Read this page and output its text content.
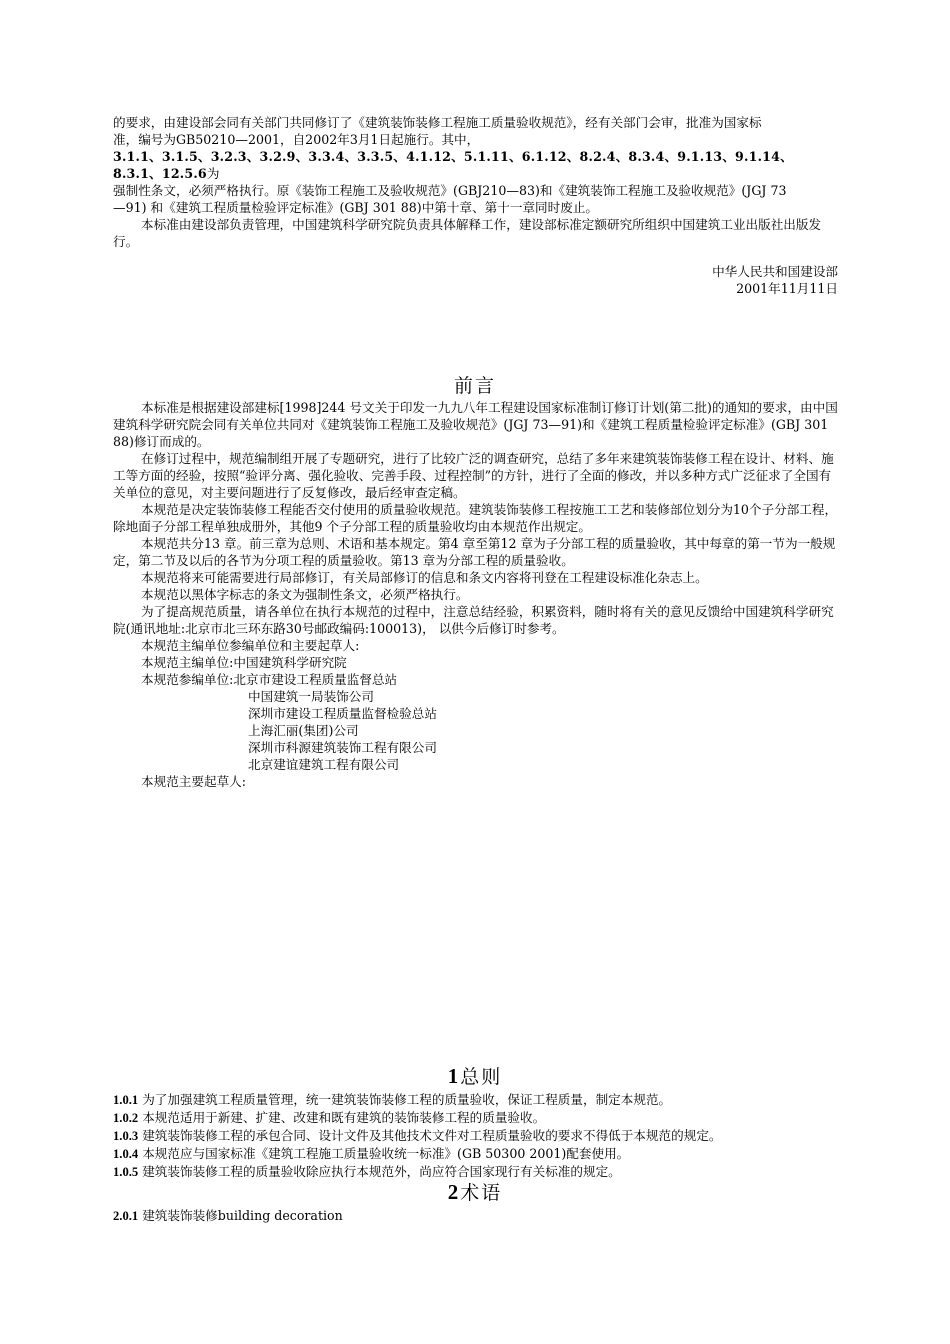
的要求，由建设部会同有关部门共同修订了《建筑装饰装修工程施工质量验收规范》，经有关部门会审，批准为国家标
准，编号为GB50210—2001，自2002年3月1日起施行。其中，
3.1.1、3.1.5、3.2.3、3.2.9、3.3.4、3.3.5、4.1.12、5.1.11、6.1.12、8.2.4、8.3.4、9.1.13、9.1.14、8.3.1、12.5.6为
强制性条文，必须严格执行。原《装饰工程施工及验收规范》(GBJ210—83)和《建筑装饰工程施工及验收规范》(JGJ 73
—91) 和《建筑工程质量检验评定标准》(GBJ 301 88)中第十章、第十一章同时废止。
本标准由建设部负责管理，中国建筑科学研究院负责具体解释工作，建设部标准定额研究所组织中国建筑工业出版社出版发行。
中华人民共和国建设部
2001年11月11日
前言
本标准是根据建设部建标[1998]244 号文关于印发一九九八年工程建设国家标准制订修订计划(第二批)的通知的要求，由中国建筑科学研究院会同有关单位共同对《建筑装饰工程施工及验收规范》(JGJ 73—91)和《建筑工程质量检验评定标准》(GBJ 301 88)修订而成的。
在修订过程中，规范编制组开展了专题研究，进行了比较广泛的调查研究，总结了多年来建筑装饰装修工程在设计、材料、施工等方面的经验，按照“验评分离、强化验收、完善手段、过程控制”的方针，进行了全面的修改，并以多种方式广泛征求了全国有关单位的意见，对主要问题进行了反复修改，最后经审查定稿。
本规范是决定装饰装修工程能否交付使用的质量验收规范。建筑装饰装修工程按施工工艺和装修部位划分为10个子分部工程，除地面子分部工程单独成册外，其他9 个子分部工程的质量验收均由本规范作出规定。
本规范共分13 章。前三章为总则、术语和基本规定。第4 章至第12 章为子分部工程的质量验收，其中每章的第一节为一般规定，第二节及以后的各节为分项工程的质量验收。第13 章为分部工程的质量验收。
本规范将来可能需要进行局部修订，有关局部修订的信息和条文内容将刊登在工程建设标准化杂志上。
本规范以黑体字标志的条文为强制性条文，必须严格执行。
为了提高规范质量，请各单位在执行本规范的过程中，注意总结经验，积累资料，随时将有关的意见反馈给中国建筑科学研究院(通讯地址:北京市北三环东路30号邮政编码:100013)， 以供今后修订时参考。
本规范主编单位参编单位和主要起草人:
本规范主编单位:中国建筑科学研究院
本规范参编单位:北京市建设工程质量监督总站
中国建筑一局装饰公司
深圳市建设工程质量监督检验总站
上海汇丽(集团)公司
深圳市科源建筑装饰工程有限公司
北京建谊建筑工程有限公司
本规范主要起草人:
1总则
1.0.1 为了加强建筑工程质量管理，统一建筑装饰装修工程的质量验收，保证工程质量，制定本规范。
1.0.2 本规范适用于新建、扩建、改建和既有建筑的装饰装修工程的质量验收。
1.0.3 建筑装饰装修工程的承包合同、设计文件及其他技术文件对工程质量验收的要求不得低于本规范的规定。
1.0.4 本规范应与国家标准《建筑工程施工质量验收统一标准》(GB 50300 2001)配套使用。
1.0.5 建筑装饰装修工程的质量验收除应执行本规范外，尚应符合国家现行有关标准的规定。
2术语
2.0.1 建筑装饰装修building decoration
